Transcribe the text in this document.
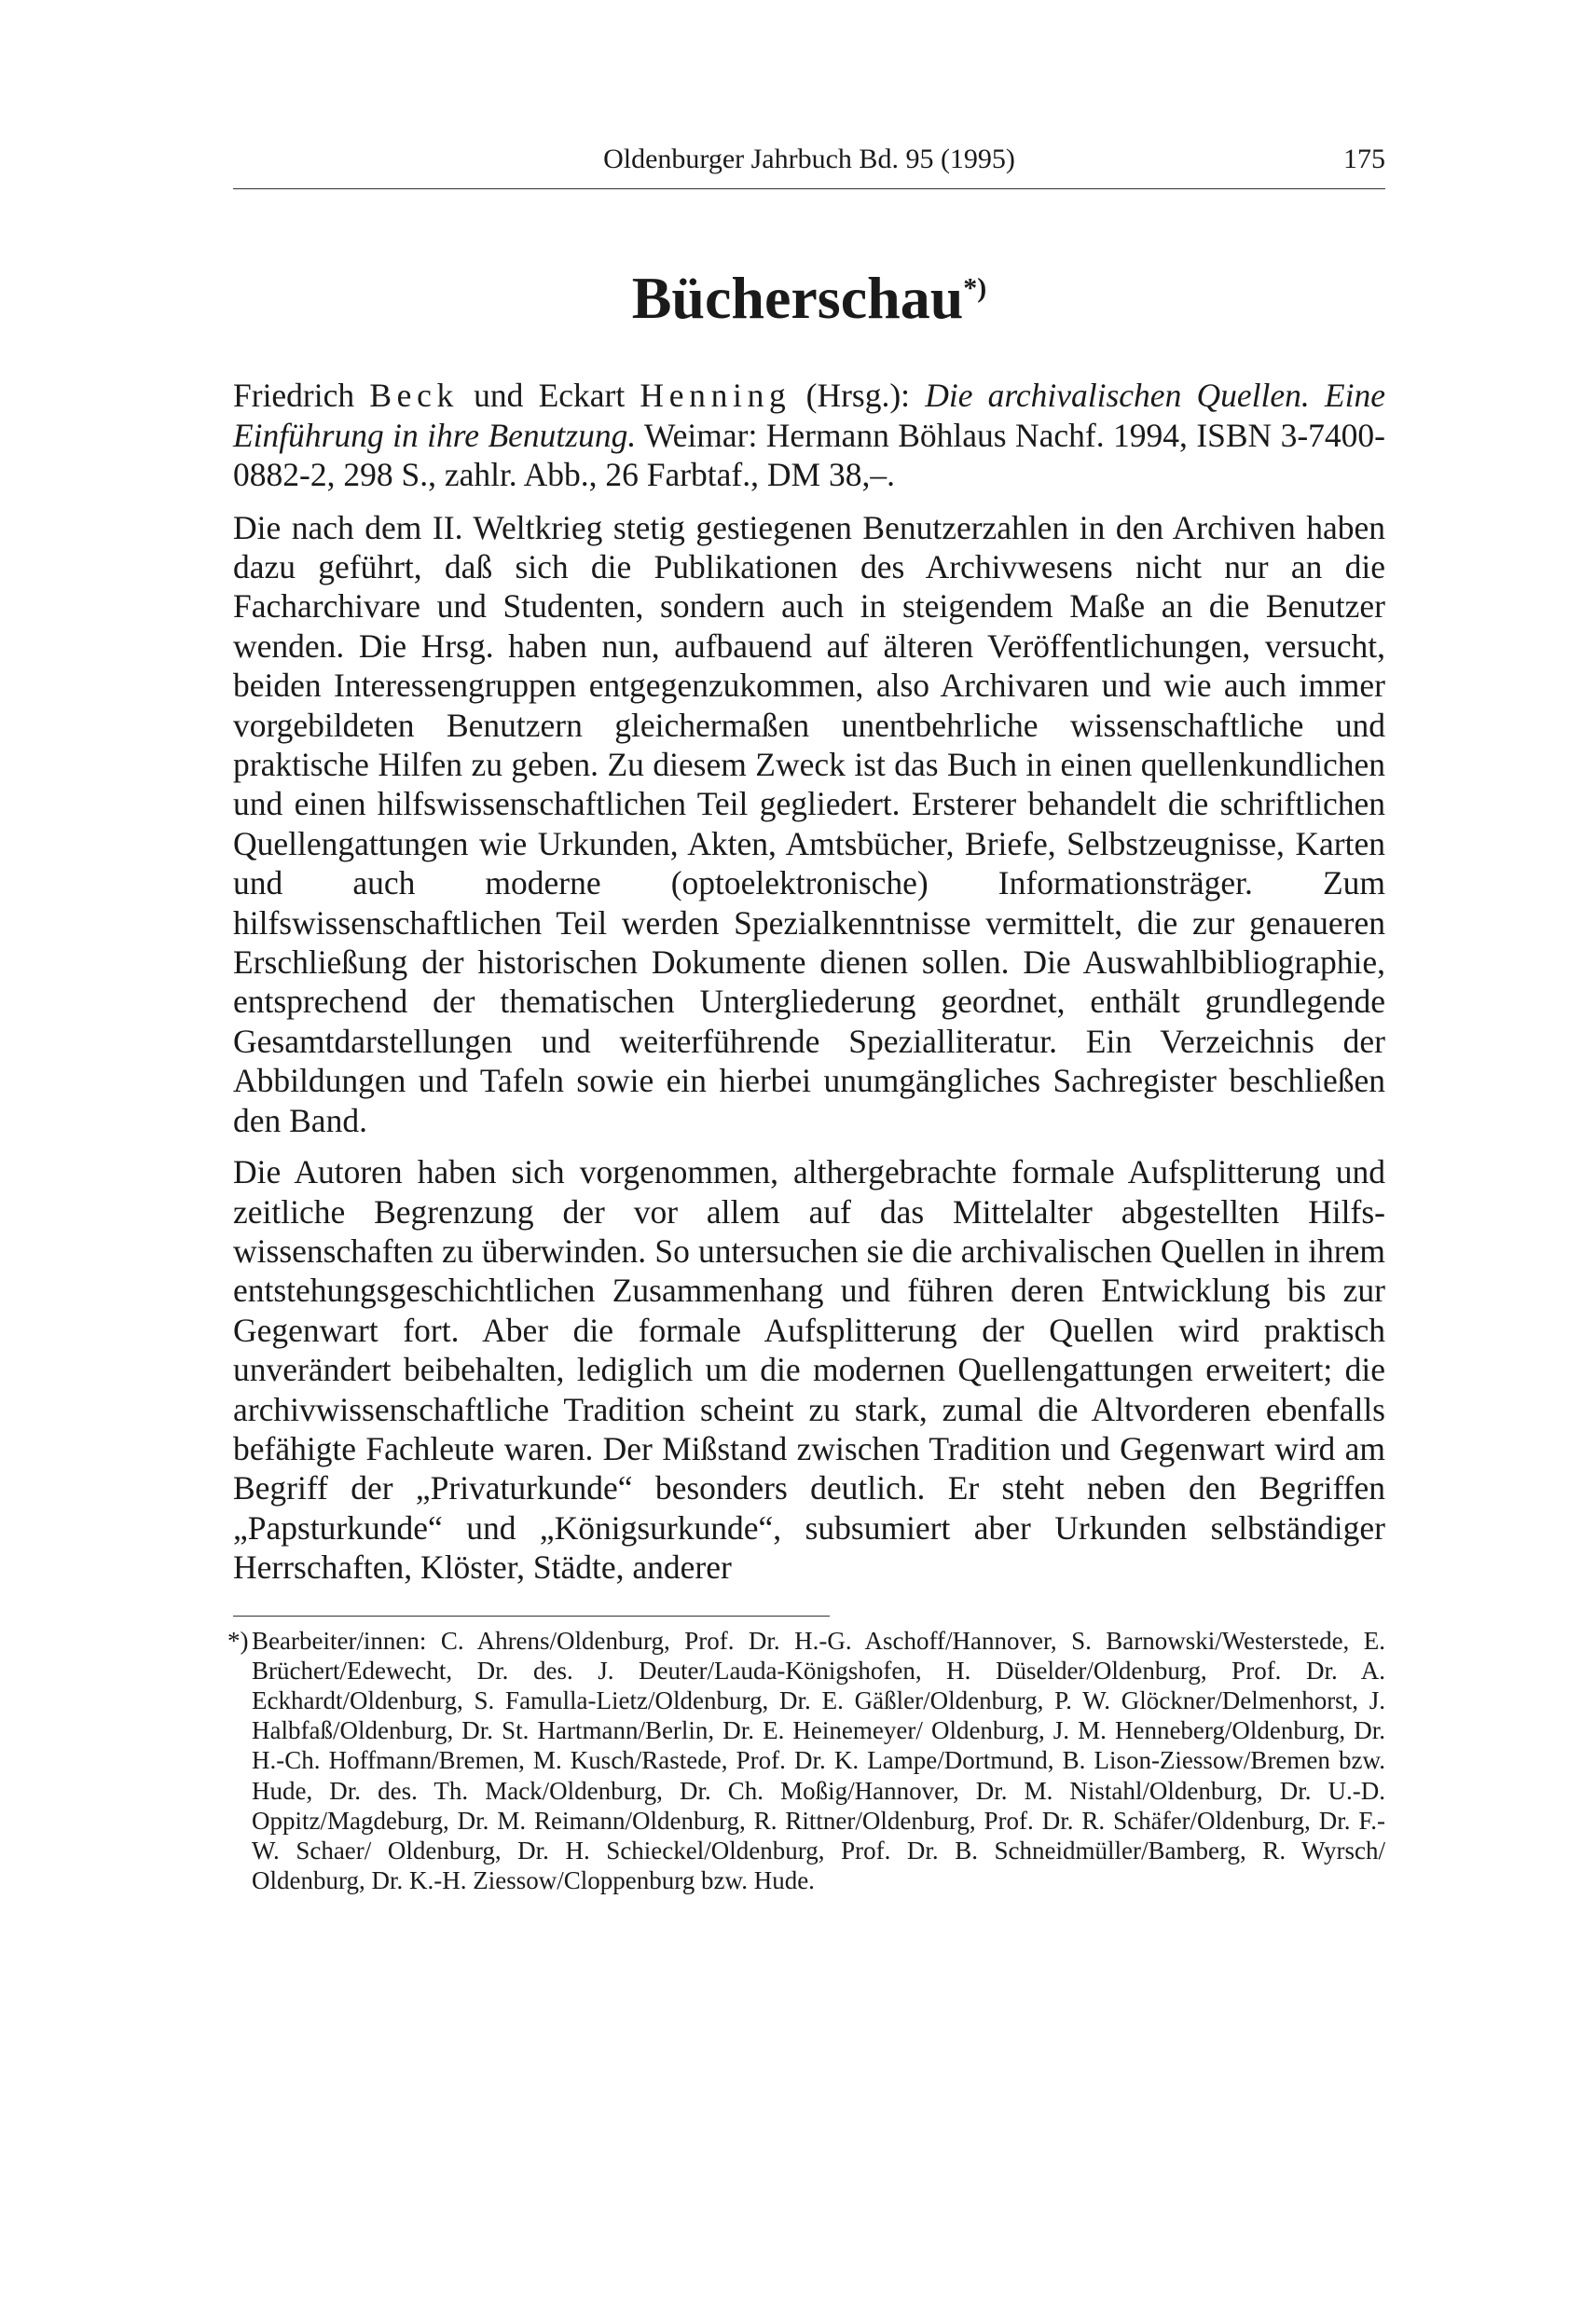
Oldenburger Jahrbuch Bd. 95 (1995)	175
Bücherschau*)

Friedrich Beck und Eckart Henning (Hrsg.): Die archivalischen Quellen. Eine Einführung in ihre Benutzung. Weimar: Hermann Böhlaus Nachf. 1994, ISBN 3-7400-0882-2, 298 S., zahlr. Abb., 26 Farbtaf., DM 38,–.

Die nach dem II. Weltkrieg stetig gestiegenen Benutzerzahlen in den Archiven haben dazu geführt, daß sich die Publikationen des Archivwesens nicht nur an die Facharchivare und Studenten, sondern auch in steigendem Maße an die Benutzer wenden. Die Hrsg. haben nun, aufbauend auf älteren Veröffentlichungen, versucht, beiden Interessengruppen entgegenzukommen, also Archivaren und wie auch immer vorgebildeten Benutzern gleichermaßen unentbehrliche wissenschaftliche und praktische Hilfen zu geben. Zu diesem Zweck ist das Buch in einen quellenkundlichen und einen hilfswissenschaftlichen Teil gegliedert. Ersterer behandelt die schriftlichen Quellengattungen wie Urkunden, Akten, Amtsbücher, Briefe, Selbstzeugnisse, Karten und auch moderne (optoelektronische) Informationsträger. Zum hilfswissenschaftlichen Teil werden Spezialkenntnisse vermittelt, die zur genaueren Erschließung der historischen Dokumente dienen sollen. Die Auswahlbibliographie, entsprechend der thematischen Untergliederung geordnet, enthält grundlegende Gesamtdarstellungen und weiterführende Spezialliteratur. Ein Verzeichnis der Abbildungen und Tafeln sowie ein hierbei unumgängliches Sachregister beschließen den Band.

Die Autoren haben sich vorgenommen, althergebrachte formale Aufsplitterung und zeitliche Begrenzung der vor allem auf das Mittelalter abgestellten Hilfswissenschaften zu überwinden. So untersuchen sie die archivalischen Quellen in ihrem entstehungsgeschichtlichen Zusammenhang und führen deren Entwicklung bis zur Gegenwart fort. Aber die formale Aufsplitterung der Quellen wird praktisch unverändert beibehalten, lediglich um die modernen Quellengattungen erweitert; die archivwissenschaftliche Tradition scheint zu stark, zumal die Altvorderen ebenfalls befähigte Fachleute waren. Der Mißstand zwischen Tradition und Gegenwart wird am Begriff der „Privaturkunde“ besonders deutlich. Er steht neben den Begriffen „Papsturkunde“ und „Königsurkunde“, subsumiert aber Urkunden selbständiger Herrschaften, Klöster, Städte, anderer

*) Bearbeiter/innen: C. Ahrens/Oldenburg, Prof. Dr. H.-G. Aschoff/Hannover, S. Barnowski/Westerstede, E. Brüchert/Edewecht, Dr. des. J. Deuter/Lauda-Königshofen, H. Düselder/Oldenburg, Prof. Dr. A. Eckhardt/Oldenburg, S. Famulla-Lietz/Oldenburg, Dr. E. Gäßler/Oldenburg, P. W. Glöckner/Delmenhorst, J. Halbfaß/Oldenburg, Dr. St. Hartmann/Berlin, Dr. E. Heinemeyer/ Oldenburg, J. M. Henneberg/Oldenburg, Dr. H.-Ch. Hoffmann/Bremen, M. Kusch/Rastede, Prof. Dr. K. Lampe/Dortmund, B. Lison-Ziessow/Bremen bzw. Hude, Dr. des. Th. Mack/Oldenburg, Dr. Ch. Moßig/Hannover, Dr. M. Nistahl/Oldenburg, Dr. U.-D. Oppitz/Magdeburg, Dr. M. Reimann/Oldenburg, R. Rittner/Oldenburg, Prof. Dr. R. Schäfer/Oldenburg, Dr. F.-W. Schaer/ Oldenburg, Dr. H. Schieckel/Oldenburg, Prof. Dr. B. Schneidmüller/Bamberg, R. Wyrsch/ Oldenburg, Dr. K.-H. Ziessow/Cloppenburg bzw. Hude.
